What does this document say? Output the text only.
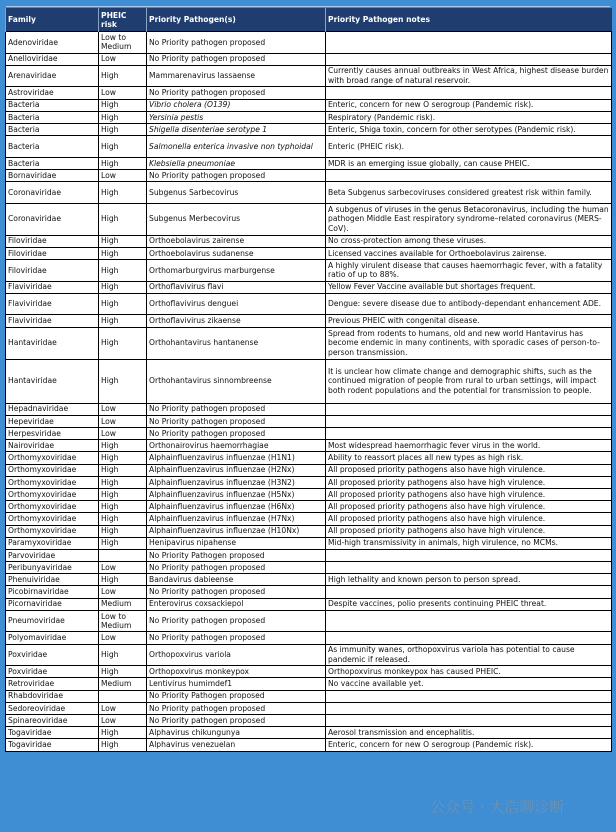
Family	PHEIC risk	Priority Pathogen(s)	Priority Pathogen notes
Adenoviridae	Low to Medium	No Priority pathogen proposed	
Anelloviridae	Low	No Priority pathogen proposed	
Arenaviridae	High	Mammarenavirus lassaense	Currently causes annual outbreaks in West Africa, highest disease burden with broad range of natural reservoir.
Astroviridae	Low	No Priority pathogen proposed	
Bacteria	High	Vibrio cholera (O139)	Enteric, concern for new O serogroup (Pandemic risk).
Bacteria	High	Yersinia pestis	Respiratory (Pandemic risk).
Bacteria	High	Shigella disenteriae serotype 1	Enteric, Shiga toxin, concern for other serotypes (Pandemic risk).
Bacteria	High	Salmonella enterica invasive non typhoidal	Enteric (PHEIC risk).
Bacteria	High	Klebsiella pneumoniae	MDR is an emerging issue globally, can cause PHEIC.
Bornaviridae	Low	No Priority pathogen proposed	
Coronaviridae	High	Subgenus Sarbecovirus	Beta Subgenus sarbecoviruses considered greatest risk within family.
Coronaviridae	High	Subgenus Merbecovirus	A subgenus of viruses in the genus Betacoronavirus, including the human pathogen Middle East respiratory syndrome–related coronavirus (MERS-CoV).
Filoviridae	High	Orthoebolavirus zairense	No cross-protection among these viruses.
Filoviridae	High	Orthoebolavirus sudanense	Licensed vaccines available for Orthoebolavirus zairense.
Filoviridae	High	Orthomarburgvirus marburgense	A highly virulent disease that causes haemorrhagic fever, with a fatality ratio of up to 88%.
Flaviviridae	High	Orthoflavivirus flavi	Yellow Fever Vaccine available but shortages frequent.
Flaviviridae	High	Orthoflavivirus denguei	Dengue: severe disease due to antibody-dependant enhancement ADE.
Flaviviridae	High	Orthoflavivirus zikaense	Previous PHEIC with congenital disease.
Hantaviridae	High	Orthohantavirus hantanense	Spread from rodents to humans, old and new world Hantavirus has become endemic in many continents, with sporadic cases of person-to-person transmission.
Hantaviridae	High	Orthohantavirus sinnombreense	It is unclear how climate change and demographic shifts, such as the continued migration of people from rural to urban settings, will impact both rodent populations and the potential for transmission to people.
Hepadnaviridae	Low	No Priority pathogen proposed	
Hepeviridae	Low	No Priority pathogen proposed	
Herpesviridae	Low	No Priority pathogen proposed	
Nairoviridae	High	Orthonairovirus haemorrhagiae	Most widespread haemorrhagic fever virus in the world.
Orthomyxoviridae	High	Alphainfluenzavirus influenzae (H1N1)	Ability to reassort places all new types as high risk.
Orthomyxoviridae	High	Alphainfluenzavirus influenzae (H2Nx)	All proposed priority pathogens also have high virulence.
Orthomyxoviridae	High	Alphainfluenzavirus influenzae (H3N2)	All proposed priority pathogens also have high virulence.
Orthomyxoviridae	High	Alphainfluenzavirus influenzae (H5Nx)	All proposed priority pathogens also have high virulence.
Orthomyxoviridae	High	Alphainfluenzavirus influenzae (H6Nx)	All proposed priority pathogens also have high virulence.
Orthomyxoviridae	High	Alphainfluenzavirus influenzae (H7Nx)	All proposed priority pathogens also have high virulence.
Orthomyxoviridae	High	Alphainfluenzavirus influenzae (H10Nx)	All proposed priority pathogens also have high virulence.
Paramyxoviridae	High	Henipavirus nipahense	Mid-high transmissivity in animals, high virulence, no MCMs.
Parvoviridae		No Priority Pathogen proposed	
Peribunyaviridae	Low	No Priority pathogen proposed	
Phenuiviridae	High	Bandavirus dabieense	High lethality and known person to person spread.
Picobirnaviridae	Low	No Priority pathogen proposed	
Picornaviridae	Medium	Enterovirus coxsackiepol	Despite vaccines, polio presents continuing PHEIC threat.
Pneumoviridae	Low to Medium	No Priority pathogen proposed	
Polyomaviridae	Low	No Priority pathogen proposed	
Poxviridae	High	Orthopoxvirus variola	As immunity wanes, orthopoxvirus variola has potential to cause pandemic if released.
Poxviridae	High	Orthopoxvirus monkeypox	Orthopoxvirus monkeypox has caused PHEIC.
Retroviridae	Medium	Lentivirus humimdef1	No vaccine available yet.
Rhabdoviridae		No Priority Pathogen proposed	
Sedoreoviridae	Low	No Priority pathogen proposed	
Spinareoviridae	Low	No Priority pathogen proposed	
Togaviridae	High	Alphavirus chikungunya	Aerosol transmission and encephalitis.
Togaviridae	High	Alphavirus venezuelan	Enteric, concern for new O serogroup (Pandemic risk).
公众号 · 大浩聊诊断
